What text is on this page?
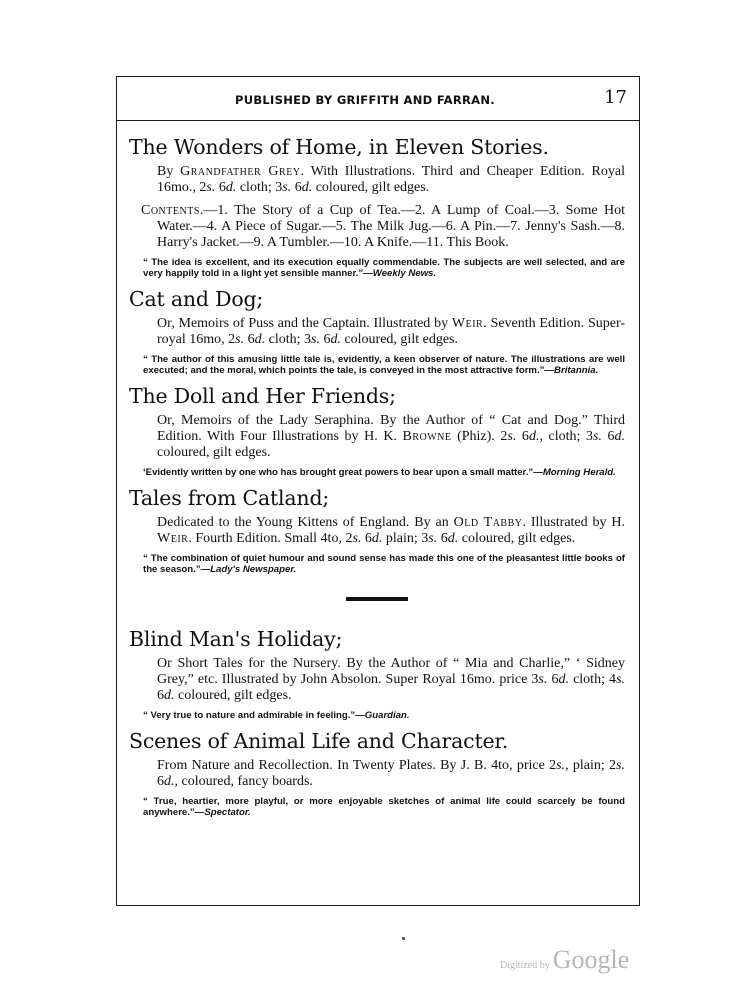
PUBLISHED BY GRIFFITH AND FARRAN.	17
The Wonders of Home, in Eleven Stories.

By Grandfather Grey. With Illustrations. Third and Cheaper Edition. Royal 16mo., 2s. 6d. cloth; 3s. 6d. coloured, gilt edges.

Contents.—1. The Story of a Cup of Tea.—2. A Lump of Coal.—3. Some Hot Water.—4. A Piece of Sugar.—5. The Milk Jug.—6. A Pin.—7. Jenny's Sash.—8. Harry's Jacket.—9. A Tumbler.—10. A Knife.—11. This Book.

“ The idea is excellent, and its execution equally commendable. The subjects are well selected, and are very happily told in a light yet sensible manner.”—Weekly News.

Cat and Dog;

Or, Memoirs of Puss and the Captain. Illustrated by Weir. Seventh Edition. Super-royal 16mo, 2s. 6d. cloth; 3s. 6d. coloured, gilt edges.

“ The author of this amusing little tale is, evidently, a keen observer of nature. The illustrations are well executed; and the moral, which points the tale, is conveyed in the most attractive form.”—Britannia.

The Doll and Her Friends;

Or, Memoirs of the Lady Seraphina. By the Author of “ Cat and Dog.” Third Edition. With Four Illustrations by H. K. Browne (Phiz). 2s. 6d., cloth; 3s. 6d. coloured, gilt edges.

‘Evidently written by one who has brought great powers to bear upon a small matter.”—Morning Herald.

Tales from Catland;

Dedicated to the Young Kittens of England. By an Old Tabby. Illustrated by H. Weir. Fourth Edition. Small 4to, 2s. 6d. plain; 3s. 6d. coloured, gilt edges.

“ The combination of quiet humour and sound sense has made this one of the pleasantest little books of the season.”—Lady's Newspaper.

Blind Man's Holiday;

Or Short Tales for the Nursery. By the Author of “ Mia and Charlie,” ‘ Sidney Grey,” etc. Illustrated by John Absolon. Super Royal 16mo. price 3s. 6d. cloth; 4s. 6d. coloured, gilt edges.

“ Very true to nature and admirable in feeling.”—Guardian.

Scenes of Animal Life and Character.

From Nature and Recollection. In Twenty Plates. By J. B. 4to, price 2s., plain; 2s. 6d., coloured, fancy boards.

“ True, heartier, more playful, or more enjoyable sketches of animal life could scarcely be found anywhere.”—Spectator.

Digitized by Google
